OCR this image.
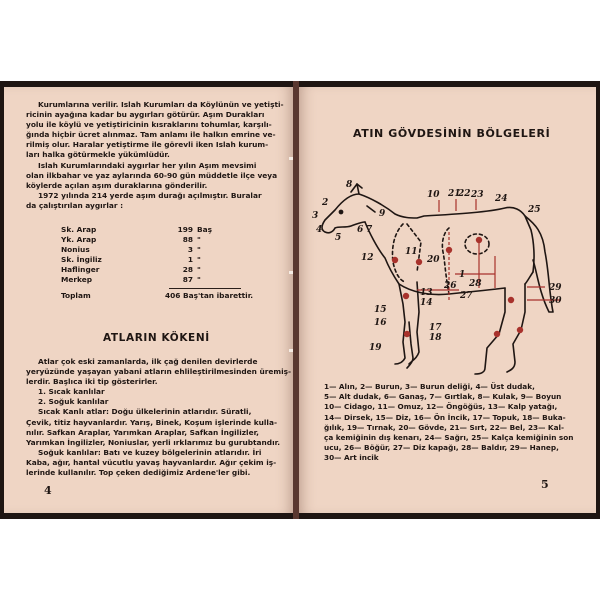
Kurumlarına verilir. Islah Kurumları da Köylünün ve yetişti-
ricinin ayağına kadar bu aygırları götürür. Aşım Durakları
yolu ile köylü ve yetiştiricinin kısraklarını tohumlar, karşılı-
ğında hiçbir ücret alınmaz. Tam anlamı ile halkın emrine ve-
rilmiş olur. Haralar yetiştirme ile görevli iken Islah kurum-
ları halka götürmekle yükümlüdür.
Islah Kurumlarındaki aygırlar her yılın Aşım mevsimi
olan ilkbahar ve yaz aylarında 60-90 gün müddetle ilçe veya
köylerde açılan aşım duraklarına gönderilir.
1972 yılında 214 yerde aşım durağı açılmıştır. Buralar
da çalıştırılan aygırlar :
Sk. Arap	199 Baş
Yk. Arap	88 "
Nonius	3 "
Sk. İngiliz	1 "
Haflinger	28 "
Merkep	87 "
Toplam	406 Baş'tan ibarettir.
ATLARIN KÖKENİ
Atlar çok eski zamanlarda, ilk çağ denilen devirlerde
yeryüzünde yaşayan yabani atların ehlileştirilmesinden üremiş-
lerdir. Başlıca iki tip gösterirler.
1. Sıcak kanlılar
2. Soğuk kanlılar
Sıcak Kanlı atlar: Doğu ülkelerinin atlarıdır. Süratli,
Çevik, titiz hayvanlardır. Yarış, Binek, Koşum işlerinde kulla-
nılır. Safkan Araplar, Yarımkan Araplar, Safkan İngilizler,
Yarımkan İngilizler, Noniuslar, yerli ırklarımız bu gurubtandır.
Soğuk kanlılar: Batı ve kuzey bölgelerinin atlarıdır. İri
Kaba, ağır, hantal vücutlu yavaş hayvanlardır. Ağır çekim iş-
lerinde kullanılır. Top çeken dediğimiz Ardene'ler gibi.
4
ATIN GÖVDESİNİN BÖLGELERİ
8
2
3
4
5
6 7
9
10 21
22 23 24
25
11
20
12
26
1
28
27
13
14
15
16	17
18
19
29
30
1— Alın, 2— Burun, 3— Burun deliği, 4— Üst dudak,
5— Alt dudak, 6— Ganaş, 7— Gırtlak, 8— Kulak, 9— Boyun
10— Cidago, 11— Omuz, 12— Öngöğüs, 13— Kalp yatağı,
14— Dirsek, 15— Diz, 16— Ön İncik, 17— Topuk, 18— Buka-
ğılık, 19— Tırnak, 20— Gövde, 21— Sırt, 22— Bel, 23— Kal-
ça kemiğinin dış kenarı, 24— Sağrı, 25— Kalça kemiğinin son
ucu, 26— Böğür, 27— Diz kapağı, 28— Baldır, 29— Hanep,
30— Art incik
5
